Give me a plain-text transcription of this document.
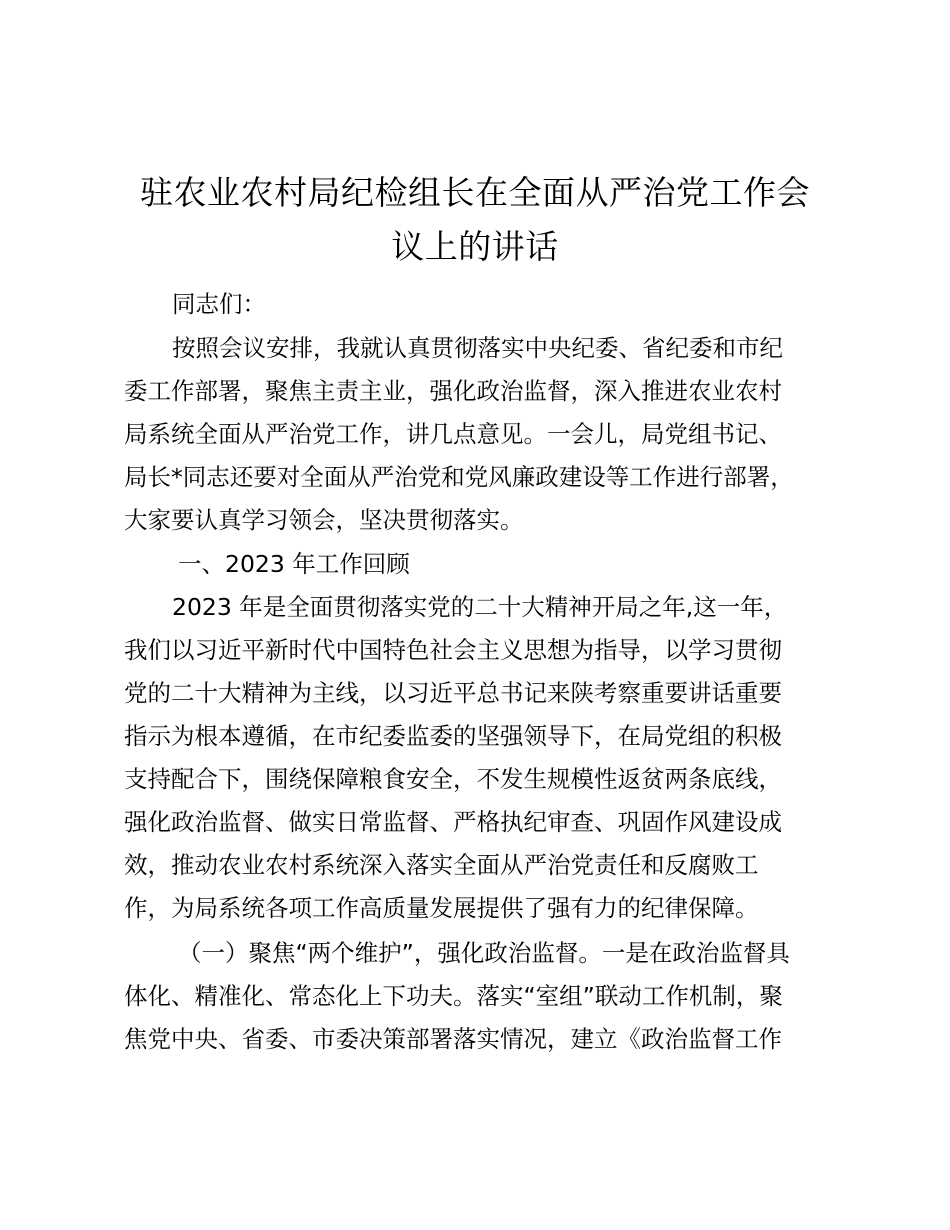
驻农业农村局纪检组长在全面从严治党工作会
议上的讲话

同志们：

按照会议安排，我就认真贯彻落实中央纪委、省纪委和市纪

委工作部署，聚焦主责主业，强化政治监督，深入推进农业农村

局系统全面从严治党工作，讲几点意见。一会儿，局党组书记、

局长*同志还要对全面从严治党和党风廉政建设等工作进行部署，

大家要认真学习领会，坚决贯彻落实。

一、2023 年工作回顾

2023 年是全面贯彻落实党的二十大精神开局之年,这一年，

我们以习近平新时代中国特色社会主义思想为指导，以学习贯彻

党的二十大精神为主线，以习近平总书记来陕考察重要讲话重要

指示为根本遵循，在市纪委监委的坚强领导下，在局党组的积极

支持配合下，围绕保障粮食安全，不发生规模性返贫两条底线，

强化政治监督、做实日常监督、严格执纪审查、巩固作风建设成

效，推动农业农村系统深入落实全面从严治党责任和反腐败工

作，为局系统各项工作高质量发展提供了强有力的纪律保障。

（一）聚焦“两个维护”，强化政治监督。一是在政治监督具

体化、精准化、常态化上下功夫。落实“室组”联动工作机制，聚

焦党中央、省委、市委决策部署落实情况，建立《政治监督工作
